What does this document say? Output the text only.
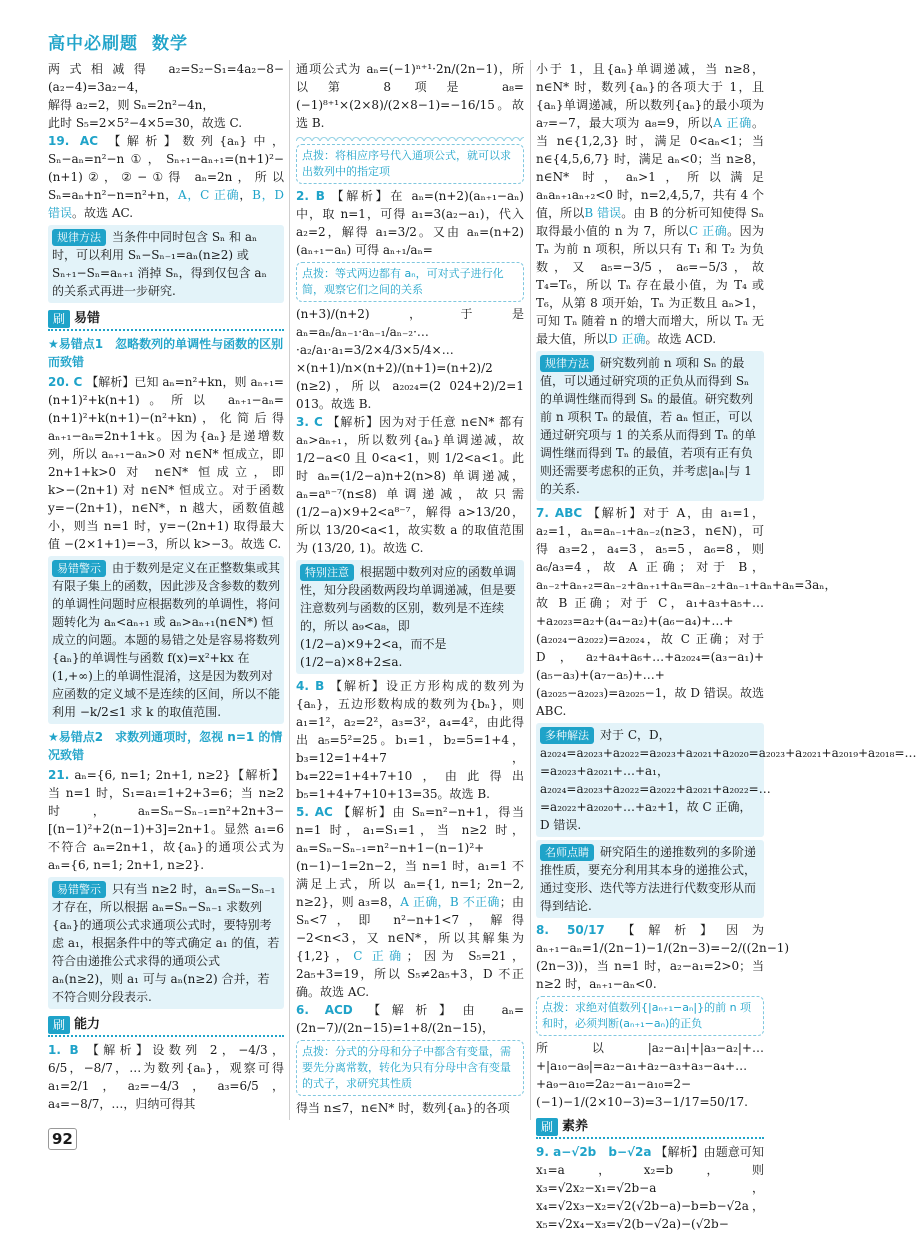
高中必刷题 数学

两式相减得 a₂=S₂−S₁=4a₂−8−(a₂−4)=3a₂−4，

解得 a₂=2，则 Sₙ=2n²−4n，

此时 S₅=2×5²−4×5=30，故选 C.

19. AC 【解析】数列{aₙ}中，Sₙ−aₙ=n²−n①，Sₙ₊₁−aₙ₊₁=(n+1)²−(n+1)②，②−①得 aₙ=2n，所以 Sₙ=aₙ+n²−n=n²+n，A，C 正确，B，D 错误。故选 AC.

规律方法 当条件中同时包含 Sₙ 和 aₙ 时，可以利用 Sₙ−Sₙ₋₁=aₙ(n≥2) 或 Sₙ₊₁−Sₙ=aₙ₊₁ 消掉 Sₙ，得到仅包含 aₙ 的关系式再进一步研究.
刷 易错
★易错点1　忽略数列的单调性与函数的区别而致错

20. C 【解析】已知 aₙ=n²+kn，则 aₙ₊₁=(n+1)²+k(n+1)。所以 aₙ₊₁−aₙ=(n+1)²+k(n+1)−(n²+kn)，化简后得 aₙ₊₁−aₙ=2n+1+k。因为{aₙ}是递增数列，所以 aₙ₊₁−aₙ>0 对 n∈N* 恒成立，即 2n+1+k>0 对 n∈N* 恒成立，即 k>−(2n+1) 对 n∈N* 恒成立。对于函数 y=−(2n+1)，n∈N*，n 越大，函数值越小，则当 n=1 时，y=−(2n+1) 取得最大值 −(2×1+1)=−3，所以 k>−3。故选 C.

易错警示 由于数列是定义在正整数集或其有限子集上的函数，因此涉及含参数的数列的单调性问题时应根据数列的单调性，将问题转化为 aₙ<aₙ₊₁ 或 aₙ>aₙ₊₁(n∈N*) 恒成立的问题。本题的易错之处是容易将数列{aₙ}的单调性与函数 f(x)=x²+kx 在(1,+∞)上的单调性混淆，这是因为数列对应函数的定义域不是连续的区间，所以不能利用 −k/2≤1 求 k 的取值范围.
★易错点2　求数列通项时，忽视 n=1 的情况致错

21. aₙ={6, n=1; 2n+1, n≥2}【解析】当 n=1 时，S₁=a₁=1+2+3=6；当 n≥2 时，aₙ=Sₙ−Sₙ₋₁=n²+2n+3−[(n−1)²+2(n−1)+3]=2n+1。显然 a₁=6 不符合 aₙ=2n+1，故{aₙ}的通项公式为 aₙ={6, n=1; 2n+1, n≥2}.

易错警示 只有当 n≥2 时，aₙ=Sₙ−Sₙ₋₁ 才存在，所以根据 aₙ=Sₙ−Sₙ₋₁ 求数列{aₙ}的通项公式求通项公式时，要特别考虑 a₁，根据条件中的等式确定 a₁ 的值，若符合由递推公式求得的通项公式 aₙ(n≥2)，则 a₁ 可与 aₙ(n≥2) 合并，若不符合则分段表示.
刷 能力

1. B 【解析】设数列 2，−4/3，6/5，−8/7，…为数列{aₙ}，观察可得 a₁=2/1，a₂=−4/3，a₃=6/5，a₄=−8/7，…，归纳可得其

通项公式为 aₙ=(−1)ⁿ⁺¹·2n/(2n−1)，所以第 8 项是 a₈=(−1)⁸⁺¹×(2×8)/(2×8−1)=−16/15。故选 B.

点拨：将相应序号代入通项公式，就可以求出数列中的指定项

2. B 【解析】在 aₙ=(n+2)(aₙ₊₁−aₙ) 中，取 n=1，可得 a₁=3(a₂−a₁)，代入 a₂=2，解得 a₁=3/2。又由 aₙ=(n+2)(aₙ₊₁−aₙ) 可得 aₙ₊₁/aₙ=

点拨：等式两边都有 aₙ，可对式子进行化简，观察它们之间的关系

(n+3)/(n+2)，于是 aₙ=aₙ/aₙ₋₁·aₙ₋₁/aₙ₋₂·…·a₂/a₁·a₁=3/2×4/3×5/4×…×(n+1)/n×(n+2)/(n+1)=(n+2)/2 (n≥2)，所以 a₂₀₂₄=(2 024+2)/2=1 013。故选 B.

3. C 【解析】因为对于任意 n∈N* 都有 aₙ>aₙ₊₁，所以数列{aₙ}单调递减，故 1/2−a<0 且 0<a<1，则 1/2<a<1。此时 aₙ=(1/2−a)n+2(n>8) 单调递减，aₙ=aⁿ⁻⁷(n≤8) 单调递减，故只需 (1/2−a)×9+2<a⁸⁻⁷，解得 a>13/20，所以 13/20<a<1，故实数 a 的取值范围为 (13/20, 1)。故选 C.

特别注意 根据题中数列对应的函数单调性，知分段函数两段均单调递减，但是要注意数列与函数的区别，数列是不连续的，所以 a₉<a₈，即 (1/2−a)×9+2<a，而不是 (1/2−a)×8+2≤a.

4. B 【解析】设正方形构成的数列为{aₙ}，五边形数构成的数列为{bₙ}，则 a₁=1²，a₂=2²，a₃=3²，a₄=4²，由此得出 a₅=5²=25。b₁=1，b₂=5=1+4，b₃=12=1+4+7，b₄=22=1+4+7+10，由此得出 b₅=1+4+7+10+13=35。故选 B.

5. AC 【解析】由 Sₙ=n²−n+1，得当 n=1 时，a₁=S₁=1，当 n≥2 时，aₙ=Sₙ−Sₙ₋₁=n²−n+1−(n−1)²+(n−1)−1=2n−2，当 n=1 时，a₁=1 不满足上式，所以 aₙ={1, n=1; 2n−2, n≥2}，则 a₃=8，A 正确，B 不正确；由 Sₙ<7，即 n²−n+1<7，解得 −2<n<3，又 n∈N*，所以其解集为{1,2}，C 正确；因为 S₅=21，2a₅+3=19，所以 S₅≠2a₅+3，D 不正确。故选 AC.

6. ACD 【解析】由 aₙ=(2n−7)/(2n−15)=1+8/(2n−15)，

点拨：分式的分母和分子中都含有变量，需要先分离常数，转化为只有分母中含有变量的式子，求研究其性质

得当 n≤7，n∈N* 时，数列{aₙ}的各项

小于 1，且{aₙ}单调递减，当 n≥8，n∈N* 时，数列{aₙ}的各项大于 1，且{aₙ}单调递减，所以数列{aₙ}的最小项为 a₇=−7，最大项为 a₈=9，所以A 正确。当 n∈{1,2,3} 时，满足 0<aₙ<1；当 n∈{4,5,6,7} 时，满足 aₙ<0；当 n≥8，n∈N* 时，aₙ>1，所以满足 aₙaₙ₊₁aₙ₊₂<0 时，n=2,4,5,7，共有 4 个值，所以B 错误。由 B 的分析可知使得 Sₙ 取得最小值的 n 为 7，所以C 正确。因为 Tₙ 为前 n 项积，所以只有 T₁ 和 T₂ 为负数，又 a₅=−3/5，a₆=−5/3，故 T₄=T₆，所以 Tₙ 存在最小值，为 T₄ 或 T₆，从第 8 项开始，Tₙ 为正数且 aₙ>1，可知 Tₙ 随着 n 的增大而增大，所以 Tₙ 无最大值，所以D 正确。故选 ACD.

规律方法 研究数列前 n 项和 Sₙ 的最值，可以通过研究项的正负从而得到 Sₙ 的单调性继而得到 Sₙ 的最值。研究数列前 n 项积 Tₙ 的最值，若 aₙ 恒正，可以通过研究项与 1 的关系从而得到 Tₙ 的单调性继而得到 Tₙ 的最值，若项有正有负则还需要考虑积的正负，并考虑|aₙ|与 1 的关系.

7. ABC 【解析】对于 A，由 a₁=1，a₂=1，aₙ=aₙ₋₁+aₙ₋₂(n≥3，n∈N)，可得 a₃=2，a₄=3，a₅=5，a₆=8，则 a₆/a₃=4，故 A 正确；对于 B，aₙ₋₂+aₙ₊₂=aₙ₋₂+aₙ₊₁+aₙ=aₙ₋₂+aₙ₋₁+aₙ+aₙ=3aₙ，故 B 正确；对于 C，a₁+a₃+a₅+…+a₂₀₂₃=a₂+(a₄−a₂)+(a₆−a₄)+…+(a₂₀₂₄−a₂₀₂₂)=a₂₀₂₄，故 C 正确；对于 D，a₂+a₄+a₆+…+a₂₀₂₄=(a₃−a₁)+(a₅−a₃)+(a₇−a₅)+…+(a₂₀₂₅−a₂₀₂₃)=a₂₀₂₅−1，故 D 错误。故选 ABC.

多种解法 对于 C，D，a₂₀₂₄=a₂₀₂₃+a₂₀₂₂=a₂₀₂₃+a₂₀₂₁+a₂₀₂₀=a₂₀₂₃+a₂₀₂₁+a₂₀₁₉+a₂₀₁₈=…=a₂₀₂₃+a₂₀₂₁+…+a₁，a₂₀₂₄=a₂₀₂₃+a₂₀₂₂=a₂₀₂₂+a₂₀₂₁+a₂₀₂₂=…=a₂₀₂₂+a₂₀₂₀+…+a₂+1，故 C 正确，D 错误.
名师点睛 研究陌生的递推数列的多阶递推性质，要充分利用其本身的递推公式，通过变形、迭代等方法进行代数变形从而得到结论.

8. 50/17 【解析】因为 aₙ₊₁−aₙ=1/(2n−1)−1/(2n−3)=−2/((2n−1)(2n−3))，当 n=1 时，a₂−a₁=2>0；当 n≥2 时，aₙ₊₁−aₙ<0.

点拨：求绝对值数列{|aₙ₊₁−aₙ|}的前 n 项和时，必须判断(aₙ₊₁−aₙ)的正负

所以|a₂−a₁|+|a₃−a₂|+…+|a₁₀−a₉|=a₂−a₁+a₂−a₃+a₃−a₄+…+a₉−a₁₀=2a₂−a₁−a₁₀=2−(−1)−1/(2×10−3)=3−1/17=50/17.

刷 素养

9. a−√2b　b−√2a 【解析】由题意可知 x₁=a，x₂=b，则 x₃=√2x₂−x₁=√2b−a，x₄=√2x₃−x₂=√2(√2b−a)−b=b−√2a，x₅=√2x₄−x₃=√2(b−√2a)−(√2b−

92
